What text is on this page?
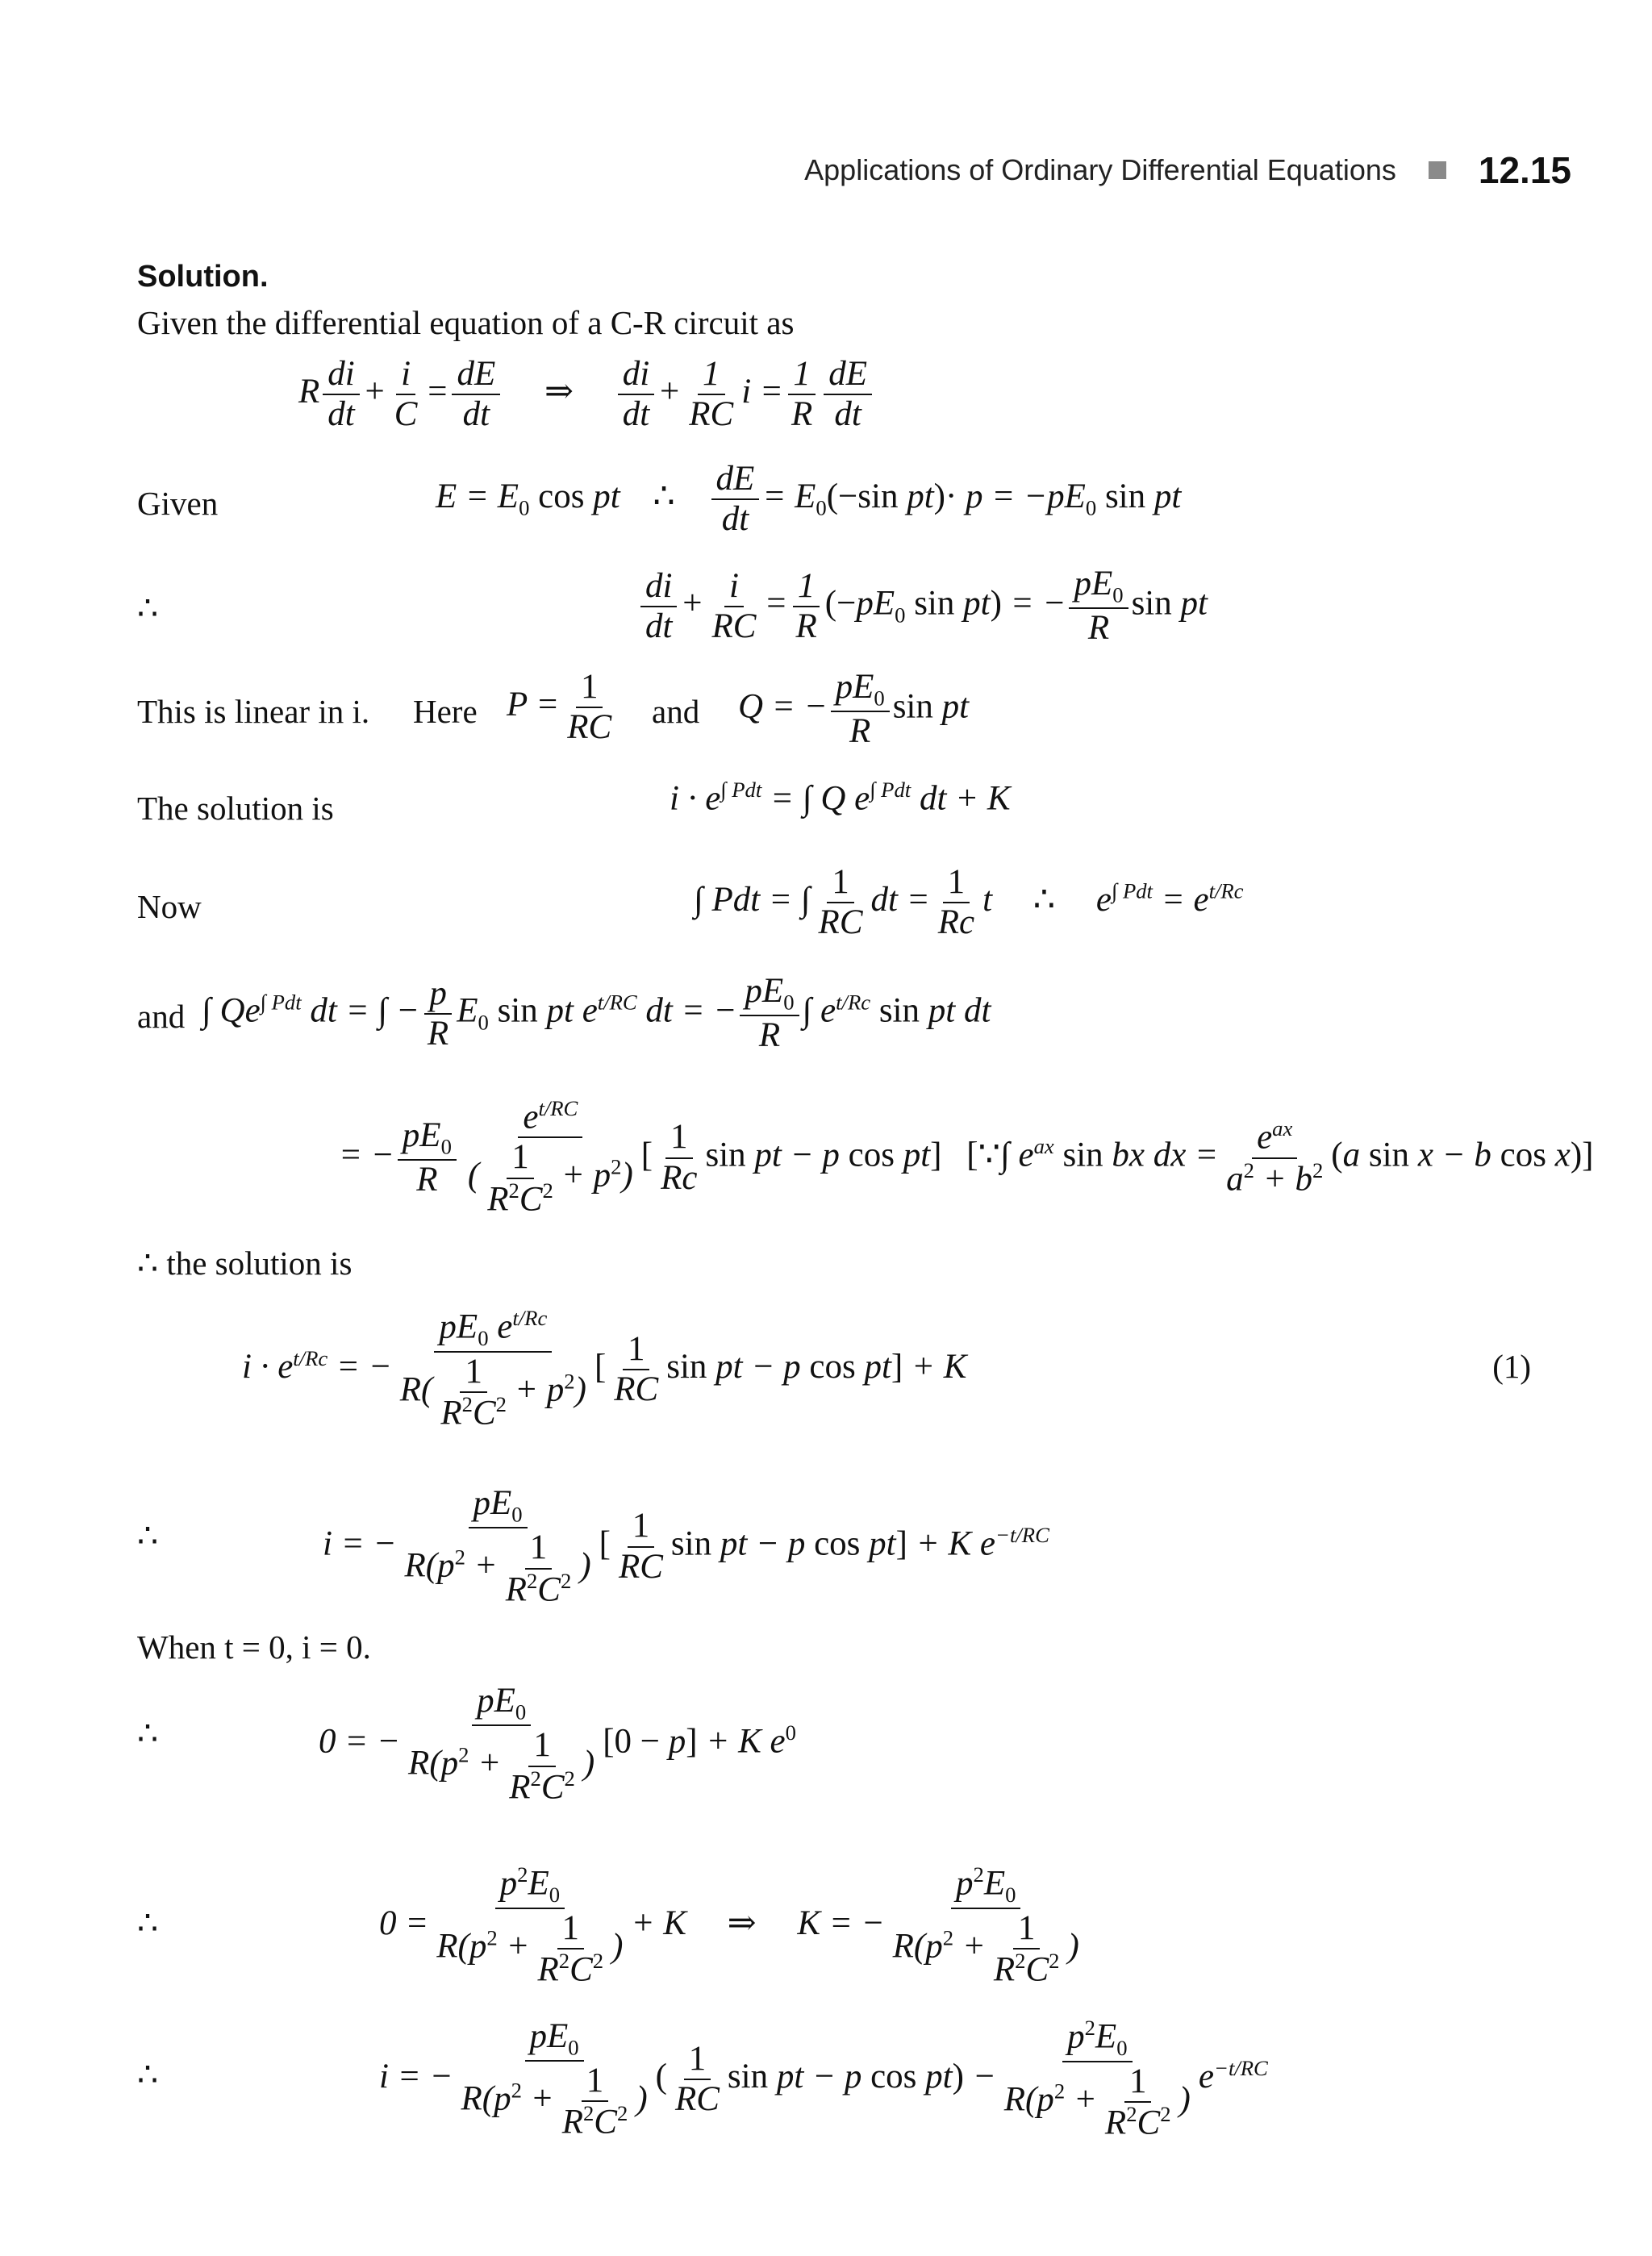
Applications of Ordinary Differential Equations 12.15
Solution.
Given the differential equation of a C-R circuit as
R $\frac{di}{dt} + \frac{i}{C} = \frac{dE}{dt}$ ⇒ $\frac{di}{dt} + \frac{1}{RC}$ $i = \frac{1}{R} \frac{dE}{dt}$
Given	$E = E_0$ cos pt ∴ $\frac{dE}{dt} = E_0(-\sin$ $pt)\cdot p = -pE_0$ sin pt
∴	$\frac{di}{dt} + \frac{i}{RC} = \frac{1}{R} (-pE_0$ sin pt) = − $\frac{pE_0}{R}$ sin pt
This is linear in i. Here $P = \frac{1}{RC}$ and Q = − $\frac{pE_0}{R}$ sin pt
The solution is	$i \cdot e^{\int Pdt}$ = ∫ Q $e^{\int Pdt}$ dt + K
Now	∫ Pdt = ∫ $\frac{1}{RC}$ dt = $\frac{1}{Rc}$ t ∴ $e^{\int Pdt} = e^{t/Rc}$
and ∫ $Qe^{\int Pdt}$ dt = ∫ − $\frac{p}{R} E_0$ sin pt $e^{t/RC}$ dt = − $\frac{pE_0}{R}$ ∫ $e^{t/Rc}$ sin pt dt
= − $\frac{pE_0}{R} \frac{e^{t/RC}}{( \frac{1}{R^2C^2} + p^2)}$ [ $\frac{1}{Rc}$ sin pt − p cos pt] [∵∫ $e^{ax}$ sin bx dx = $\frac{e^{ax}}{a^2 + b^2} (a$ sin x − b cos x)]
∴ the solution is
$i \cdot e^{t/Rc}$ = − $\frac{pE_0 e^{t/Rc}}{R( \frac{1}{R^2C^2} + p^2)}$ [ $\frac{1}{RC}$ sin pt − p cos pt] + K	(1)
∴	i = − $\frac{pE_0}{R(p^2 + \frac{1}{R^2C^2} )}$ [ $\frac{1}{RC}$ sin pt − p cos pt] + K $e^{-t/RC}$
When t = 0, i = 0.
∴	0 = − $\frac{pE_0}{R(p^2 + \frac{1}{R^2C^2} )} [0 - p] + K$ $e^0$
∴	$0 = \frac{p^2E_0}{R(p^2 + \frac{1}{R^2C^2} )} + K$ ⇒ K = − $\frac{p^2E_0}{R(p^2 + \frac{1}{R^2C^2} )}$
∴	i = − $\frac{pE_0}{R(p^2 + \frac{1}{R^2C^2} )}$ ( $\frac{1}{RC}$ sin pt − p $\cos pt) - \frac{p^2E_0}{R(p^2 + \frac{1}{R^2C^2} )} e^{-t/RC}$
